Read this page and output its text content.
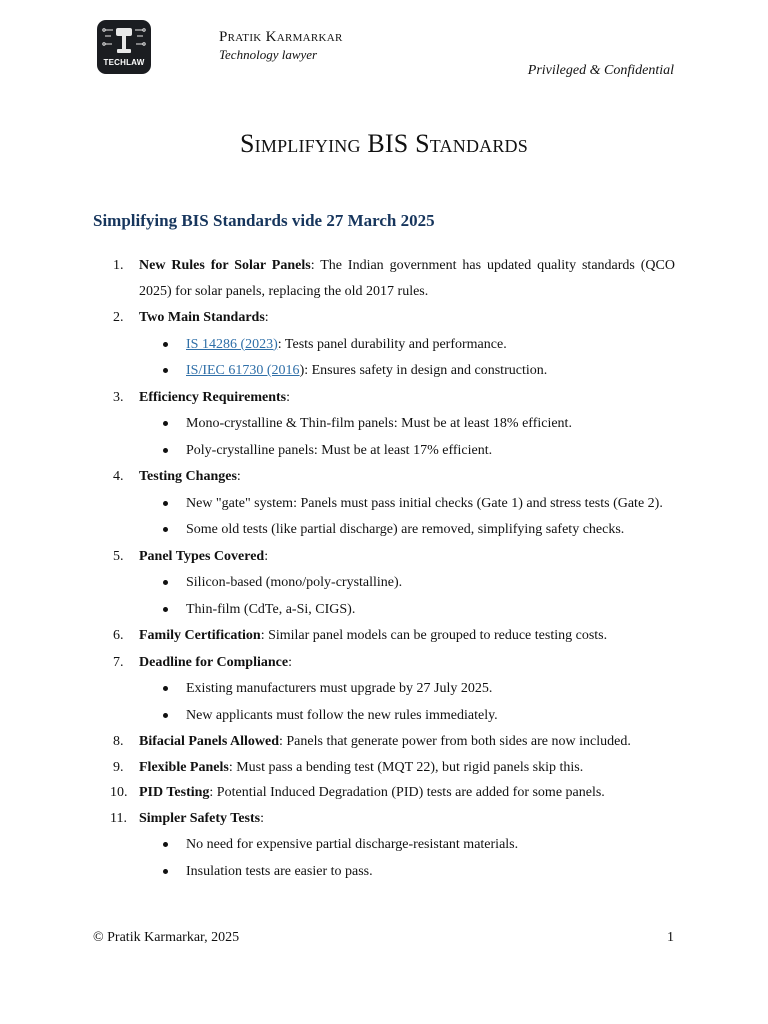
TECHLAW
Pratik Karmarkar
Technology lawyer
Privileged & Confidential
Simplifying BIS Standards
Simplifying BIS Standards vide 27 March 2025
1.	New Rules for Solar Panels: The Indian government has updated quality standards (QCO 2025) for solar panels, replacing the old 2017 rules.
2.	Two Main Standards:
IS 14286 (2023): Tests panel durability and performance.
IS/IEC 61730 (2016): Ensures safety in design and construction.
3.	Efficiency Requirements:
Mono-crystalline & Thin-film panels: Must be at least 18% efficient.
Poly-crystalline panels: Must be at least 17% efficient.
4.	Testing Changes:
New "gate" system: Panels must pass initial checks (Gate 1) and stress tests (Gate 2).
Some old tests (like partial discharge) are removed, simplifying safety checks.
5.	Panel Types Covered:
Silicon-based (mono/poly-crystalline).
Thin-film (CdTe, a-Si, CIGS).
6.	Family Certification: Similar panel models can be grouped to reduce testing costs.
7.	Deadline for Compliance:
Existing manufacturers must upgrade by 27 July 2025.
New applicants must follow the new rules immediately.
8.	Bifacial Panels Allowed: Panels that generate power from both sides are now included.
9.	Flexible Panels: Must pass a bending test (MQT 22), but rigid panels skip this.
10. PID Testing: Potential Induced Degradation (PID) tests are added for some panels.
11. Simpler Safety Tests:
No need for expensive partial discharge-resistant materials.
Insulation tests are easier to pass.
© Pratik Karmarkar, 2025	1
